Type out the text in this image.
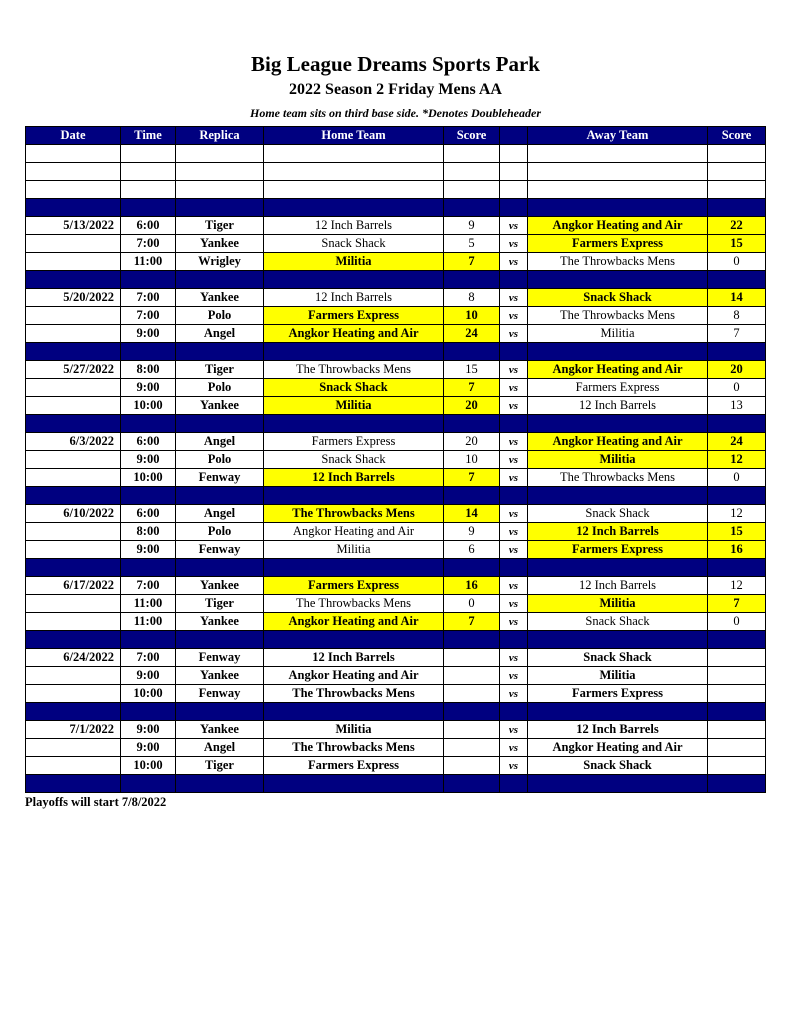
Big League Dreams Sports Park
2022 Season 2 Friday Mens AA
Home team sits on third base side. *Denotes Doubleheader
Date	Time	Replica	Home Team	Score		Away Team	Score

5/13/2022	6:00	Tiger	12 Inch Barrels	9	vs	Angkor Heating and Air	22
	7:00	Yankee	Snack Shack	5	vs	Farmers Express	15
	11:00	Wrigley	Militia	7	vs	The Throwbacks Mens	0

5/20/2022	7:00	Yankee	12 Inch Barrels	8	vs	Snack Shack	14
	7:00	Polo	Farmers Express	10	vs	The Throwbacks Mens	8
	9:00	Angel	Angkor Heating and Air	24	vs	Militia	7

5/27/2022	8:00	Tiger	The Throwbacks Mens	15	vs	Angkor Heating and Air	20
	9:00	Polo	Snack Shack	7	vs	Farmers Express	0
	10:00	Yankee	Militia	20	vs	12 Inch Barrels	13

6/3/2022	6:00	Angel	Farmers Express	20	vs	Angkor Heating and Air	24
	9:00	Polo	Snack Shack	10	vs	Militia	12
	10:00	Fenway	12 Inch Barrels	7	vs	The Throwbacks Mens	0

6/10/2022	6:00	Angel	The Throwbacks Mens	14	vs	Snack Shack	12
	8:00	Polo	Angkor Heating and Air	9	vs	12 Inch Barrels	15
	9:00	Fenway	Militia	6	vs	Farmers Express	16

6/17/2022	7:00	Yankee	Farmers Express	16	vs	12 Inch Barrels	12
	11:00	Tiger	The Throwbacks Mens	0	vs	Militia	7
	11:00	Yankee	Angkor Heating and Air	7	vs	Snack Shack	0

6/24/2022	7:00	Fenway	12 Inch Barrels		vs	Snack Shack	
	9:00	Yankee	Angkor Heating and Air		vs	Militia	
	10:00	Fenway	The Throwbacks Mens		vs	Farmers Express	

7/1/2022	9:00	Yankee	Militia		vs	12 Inch Barrels	
	9:00	Angel	The Throwbacks Mens		vs	Angkor Heating and Air	
	10:00	Tiger	Farmers Express		vs	Snack Shack	

Playoffs will start 7/8/2022
